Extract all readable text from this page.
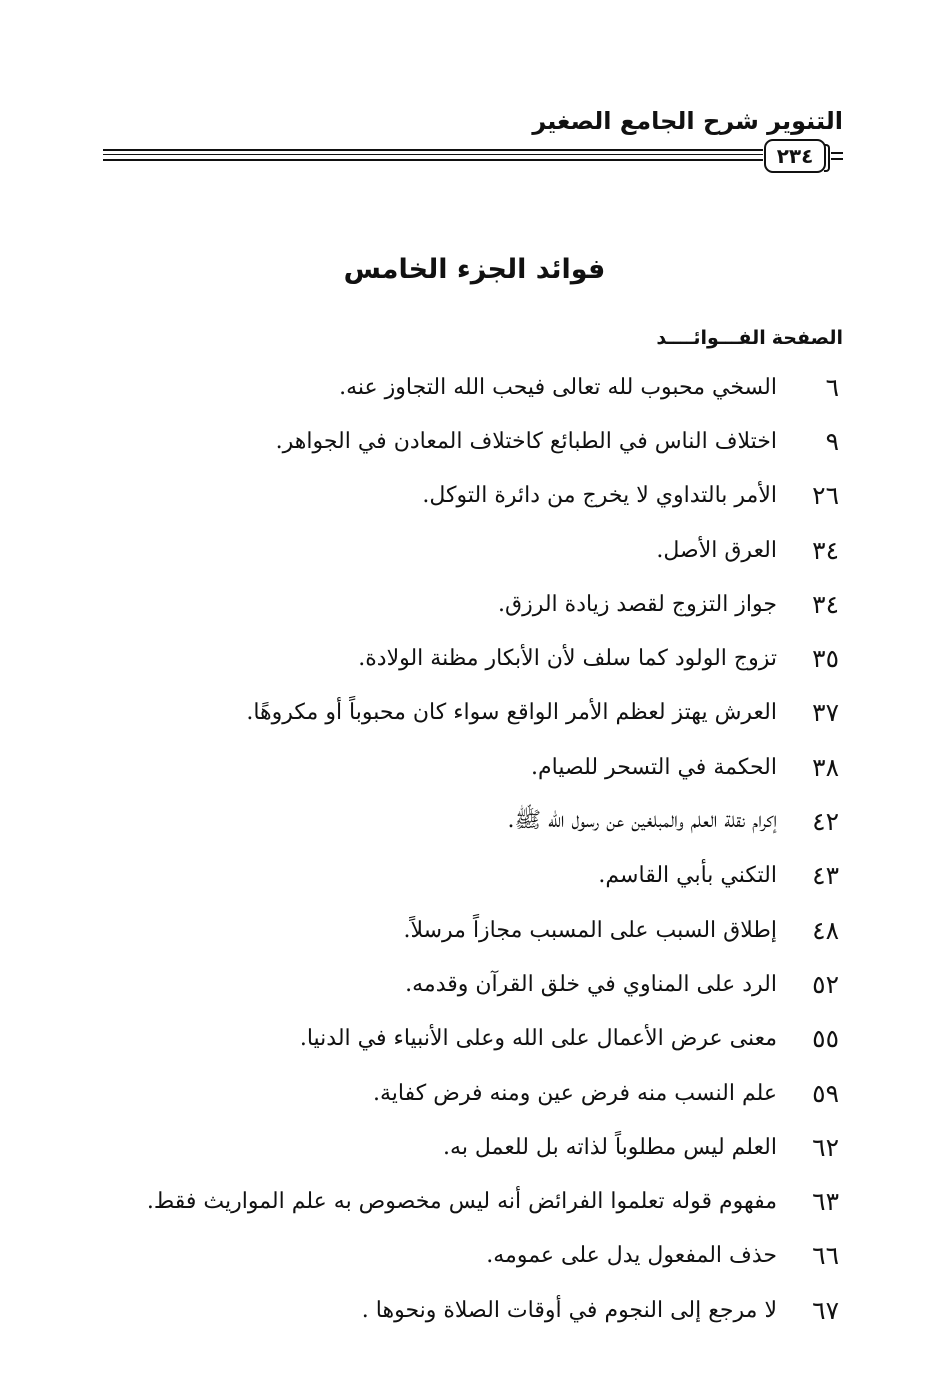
التنوير شرح الجامع الصغير
٢٣٤
فوائد الجزء الخامس
الصفحةالفـــوائــــد
٦
السخي محبوب لله تعالى فيحب الله التجاوز عنه.
٩
اختلاف الناس في الطبائع كاختلاف المعادن في الجواهر.
٢٦
الأمر بالتداوي لا يخرج من دائرة التوكل.
٣٤
العرق الأصل.
٣٤
جواز التزوج لقصد زيادة الرزق.
٣٥
تزوج الولود كما سلف لأن الأبكار مظنة الولادة.
٣٧
العرش يهتز لعظم الأمر الواقع سواء كان محبوباً أو مكروهًا.
٣٨
الحكمة في التسحر للصيام.
٤٢
إكرام نقلة العلم والمبلغين عن رسول الله ﷺ.
٤٣
التكني بأبي القاسم.
٤٨
إطلاق السبب على المسبب مجازاً مرسلاً.
٥٢
الرد على المناوي في خلق القرآن وقدمه.
٥٥
معنى عرض الأعمال على الله وعلى الأنبياء في الدنيا.
٥٩
علم النسب منه فرض عين ومنه فرض كفاية.
٦٢
العلم ليس مطلوباً لذاته بل للعمل به.
٦٣
مفهوم قوله تعلموا الفرائض أنه ليس مخصوص به علم المواريث فقط.
٦٦
حذف المفعول يدل على عمومه.
٦٧
لا مرجع إلى النجوم في أوقات الصلاة ونحوها .
